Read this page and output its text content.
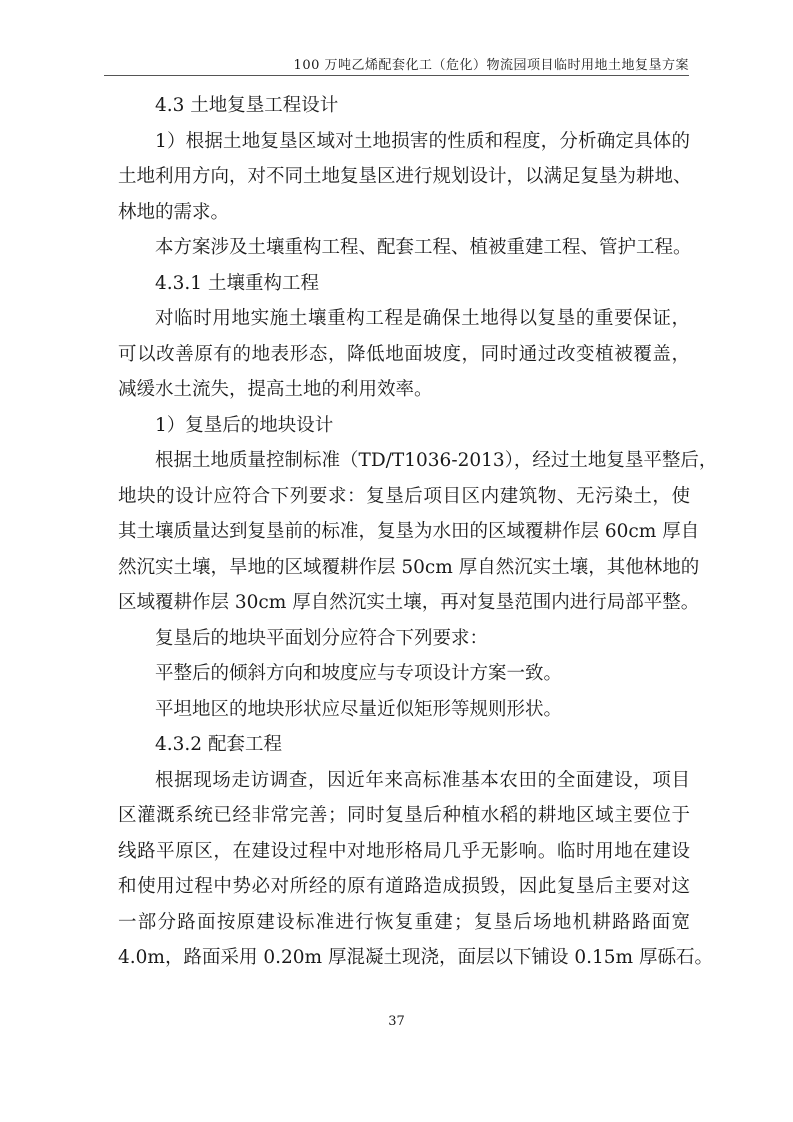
100 万吨乙烯配套化工（危化）物流园项目临时用地土地复垦方案
4.3 土地复垦工程设计
1）根据土地复垦区域对土地损害的性质和程度，分析确定具体的
土地利用方向，对不同土地复垦区进行规划设计，以满足复垦为耕地、
林地的需求。
本方案涉及土壤重构工程、配套工程、植被重建工程、管护工程。
4.3.1 土壤重构工程
对临时用地实施土壤重构工程是确保土地得以复垦的重要保证，
可以改善原有的地表形态，降低地面坡度，同时通过改变植被覆盖，
减缓水土流失，提高土地的利用效率。
1）复垦后的地块设计
根据土地质量控制标准（TD/T1036-2013），经过土地复垦平整后，
地块的设计应符合下列要求：复垦后项目区内建筑物、无污染土，使
其土壤质量达到复垦前的标准，复垦为水田的区域覆耕作层 60cm 厚自
然沉实土壤，旱地的区域覆耕作层 50cm 厚自然沉实土壤，其他林地的
区域覆耕作层 30cm 厚自然沉实土壤，再对复垦范围内进行局部平整。
复垦后的地块平面划分应符合下列要求：
平整后的倾斜方向和坡度应与专项设计方案一致。
平坦地区的地块形状应尽量近似矩形等规则形状。
4.3.2 配套工程
根据现场走访调查，因近年来高标准基本农田的全面建设，项目
区灌溉系统已经非常完善；同时复垦后种植水稻的耕地区域主要位于
线路平原区，在建设过程中对地形格局几乎无影响。临时用地在建设
和使用过程中势必对所经的原有道路造成损毁，因此复垦后主要对这
一部分路面按原建设标准进行恢复重建；复垦后场地机耕路路面宽
4.0m，路面采用 0.20m 厚混凝土现浇，面层以下铺设 0.15m 厚砾石。
37
